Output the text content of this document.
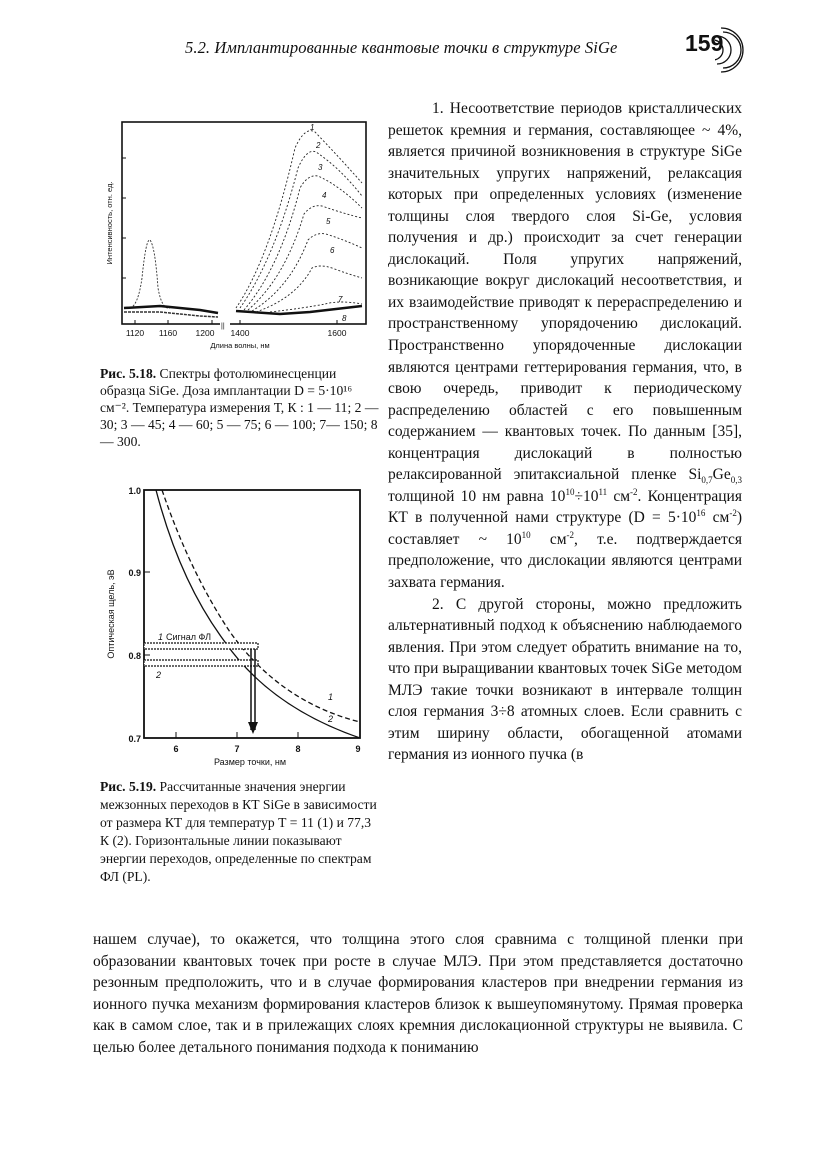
5.2. Имплантированные квантовые точки в структуре SiGe	159
||
1
2
3
4
5
6
7
8
1120 1160 1200 1400	1600
Длина волны, нм
Интенсивность, отн. ед.
Рис. 5.18. Спектры фотолюминесценции образца SiGe. Доза имплантации D = 5·10¹⁶ см⁻². Температура измерения Т, К : 1 — 11; 2 — 30; 3 — 45; 4 — 60; 5 — 75; 6 — 100; 7— 150; 8 — 300.
1.0
0.9
0.8
0.7
6	7	8	9
Размер точки, нм
Оптическая щель, эВ	1 Сигнал ФЛ
2
1
2
Рис. 5.19. Рассчитанные значения энергии межзонных переходов в КТ SiGe в зависимости от размера КТ для температур Т = 11 (1) и 77,3 К (2). Горизонтальные линии показывают энергии переходов, определенные по спектрам ФЛ (PL).

1. Несоответствие периодов кристаллических решеток кремния и германия, составляющее ~ 4%, является причиной возникновения в структуре SiGe значительных упругих напряжений, релаксация которых при определенных условиях (изменение толщины слоя твердого слоя Si-Ge, условия получения и др.) происходит за счет генерации дислокаций. Поля упругих напряжений, возникающие вокруг дислокаций несоответствия, и их взаимодействие приводят к перераспределению и пространственному упорядочению дислокаций. Пространственно упорядоченные дислокации являются центрами геттерирования германия, что, в свою очередь, приводит к периодическому распределению областей с его повышенным содержанием — квантовых точек. По данным [35], концентрация дислокаций в полностью релаксированной эпитаксиальной пленке $Si_{0,7}Ge_{0,3}$ толщиной 10 нм равна $10^{10}\div 10^{11}$ $см^{-2}$. Концентрация КТ в полученной нами структуре ($D = 5\cdot 10^{16}$ $см^{-2}$) составляет ~ $10^{10}$ $см^{-2}$, т.е. подтверждается предположение, что дислокации являются центрами захвата германия.

2. С другой стороны, можно предложить альтернативный подход к объяснению наблюдаемого явления. При этом следует обратить внимание на то, что при выращивании квантовых точек SiGe методом МЛЭ такие точки возникают в интервале толщин слоя германия 3÷8 атомных слоев. Если сравнить с этим ширину области, обогащенной атомами германия из ионного пучка (в

нашем случае), то окажется, что толщина этого слоя сравнима с толщиной пленки при образовании квантовых точек при росте в случае МЛЭ. При этом представляется достаточно резонным предположить, что и в случае формирования кластеров при внедрении германия из ионного пучка механизм формирования кластеров близок к вышеупомянутому. Прямая проверка как в самом слое, так и в прилежащих слоях кремния дислокационной структуры не выявила. С целью более детального понимания подхода к пониманию
